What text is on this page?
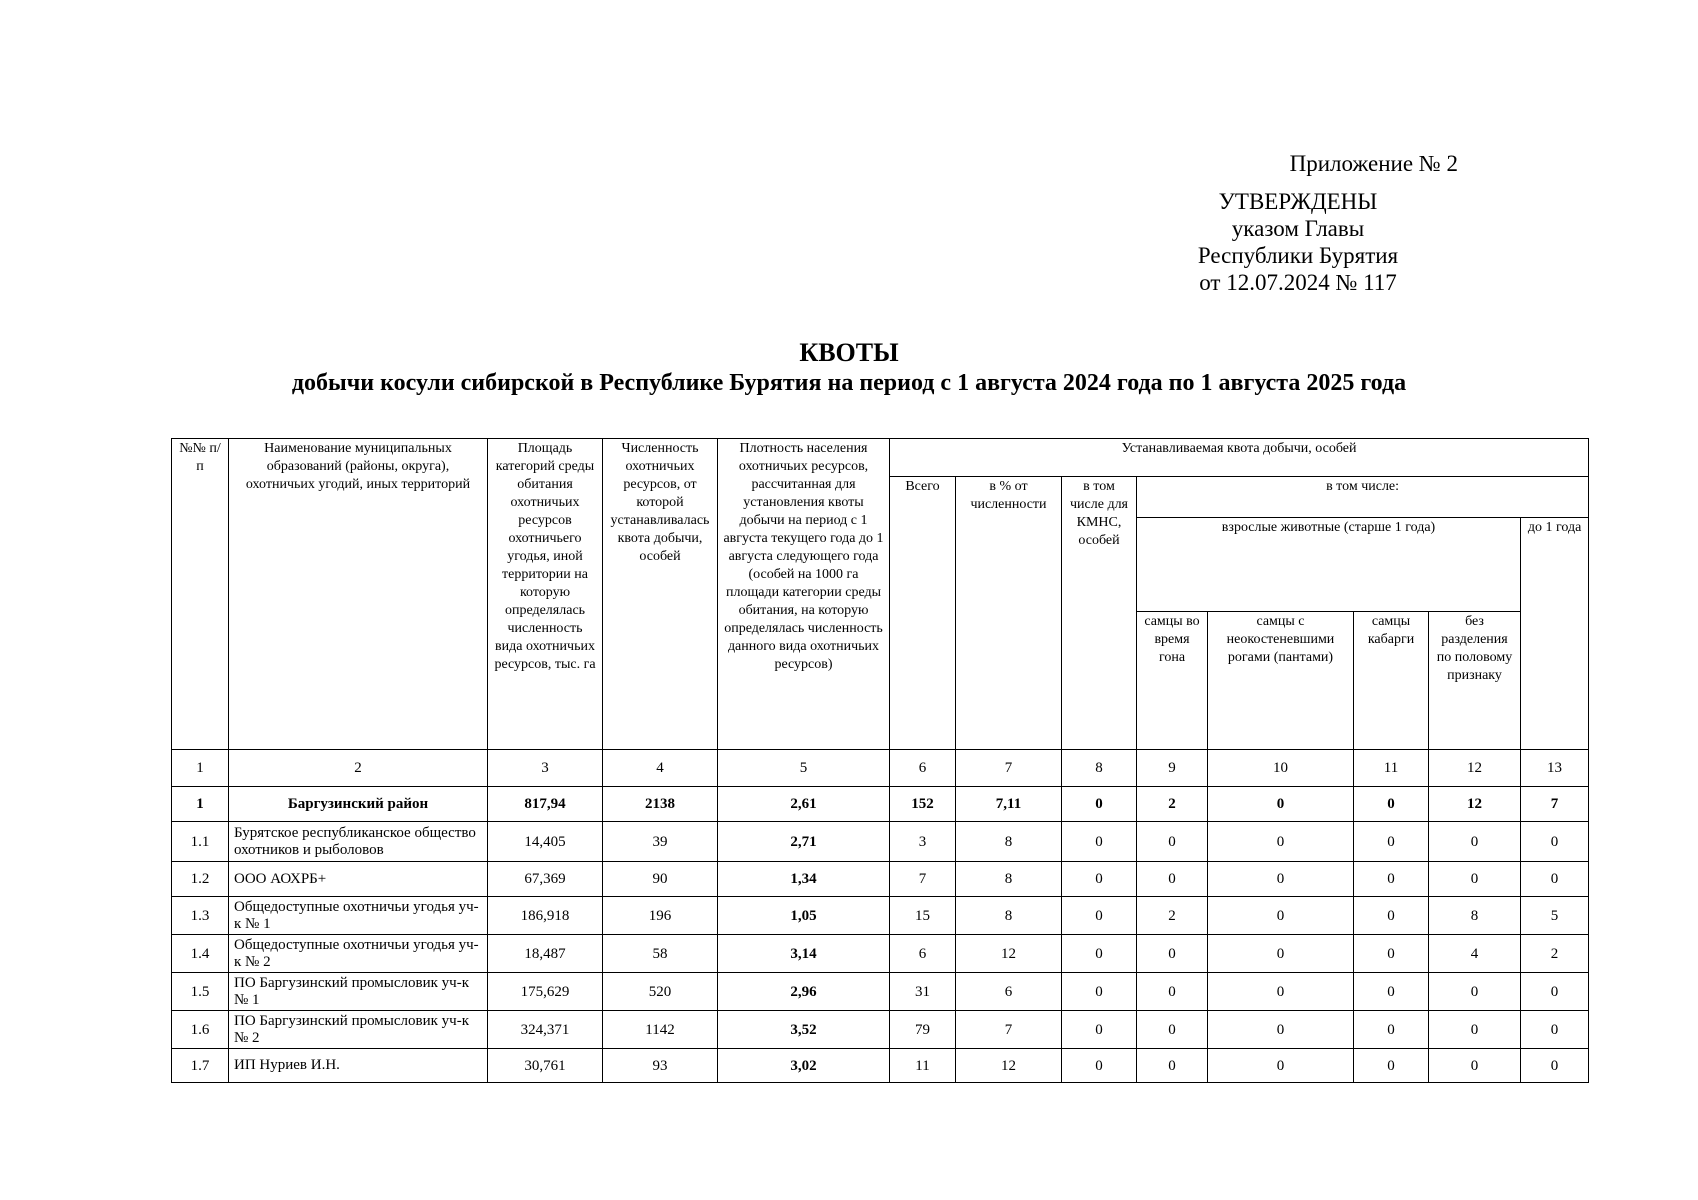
Приложение № 2
УТВЕРЖДЕНЫ
указом Главы
Республики Бурятия
от 12.07.2024 № 117
КВОТЫ
добычи косули сибирской в Республике Бурятия на период с 1 августа 2024 года по 1 августа 2025 года
№№ п/п	Наименование муниципальных образований (районы, округа), охотничьих угодий, иных территорий	Площадь категорий среды обитания охотничьих ресурсов охотничьего угодья, иной территории на которую определялась численность вида охотничьих ресурсов, тыс. га	Численность охотничьих ресурсов, от которой устанавливалась квота добычи, особей	Плотность населения охотничьих ресурсов, рассчитанная для установления квоты добычи на период с 1 августа текущего года до 1 августа следующего года (особей на 1000 га площади категории среды обитания, на которую определялась численность данного вида охотничьих ресурсов)	Устанавливаемая квота добычи, особей							
					Всего	в % от численности	в том числе для КМНС, особей	в том числе:				
								взрослые животные (старше 1 года)				до 1 года
								самцы во время гона	самцы с неокостеневшими рогами (пантами)	самцы кабарги	без разделения по половому признаку	
1	2	3	4	5	6	7	8	9	10	11	12	13
1	Баргузинский район	817,94	2138	2,61	152	7,11	0	2	0	0	12	7
1.1	Бурятское республиканское общество охотников и рыболовов	14,405	39	2,71	3	8	0	0	0	0	0	0
1.2	ООО АОХРБ+	67,369	90	1,34	7	8	0	0	0	0	0	0
1.3	Общедоступные охотничьи угодья уч-к № 1	186,918	196	1,05	15	8	0	2	0	0	8	5
1.4	Общедоступные охотничьи угодья уч-к № 2	18,487	58	3,14	6	12	0	0	0	0	4	2
1.5	ПО Баргузинский промысловик уч-к № 1	175,629	520	2,96	31	6	0	0	0	0	0	0
1.6	ПО Баргузинский промысловик уч-к № 2	324,371	1142	3,52	79	7	0	0	0	0	0	0
1.7	ИП Нуриев И.Н.	30,761	93	3,02	11	12	0	0	0	0	0	0
